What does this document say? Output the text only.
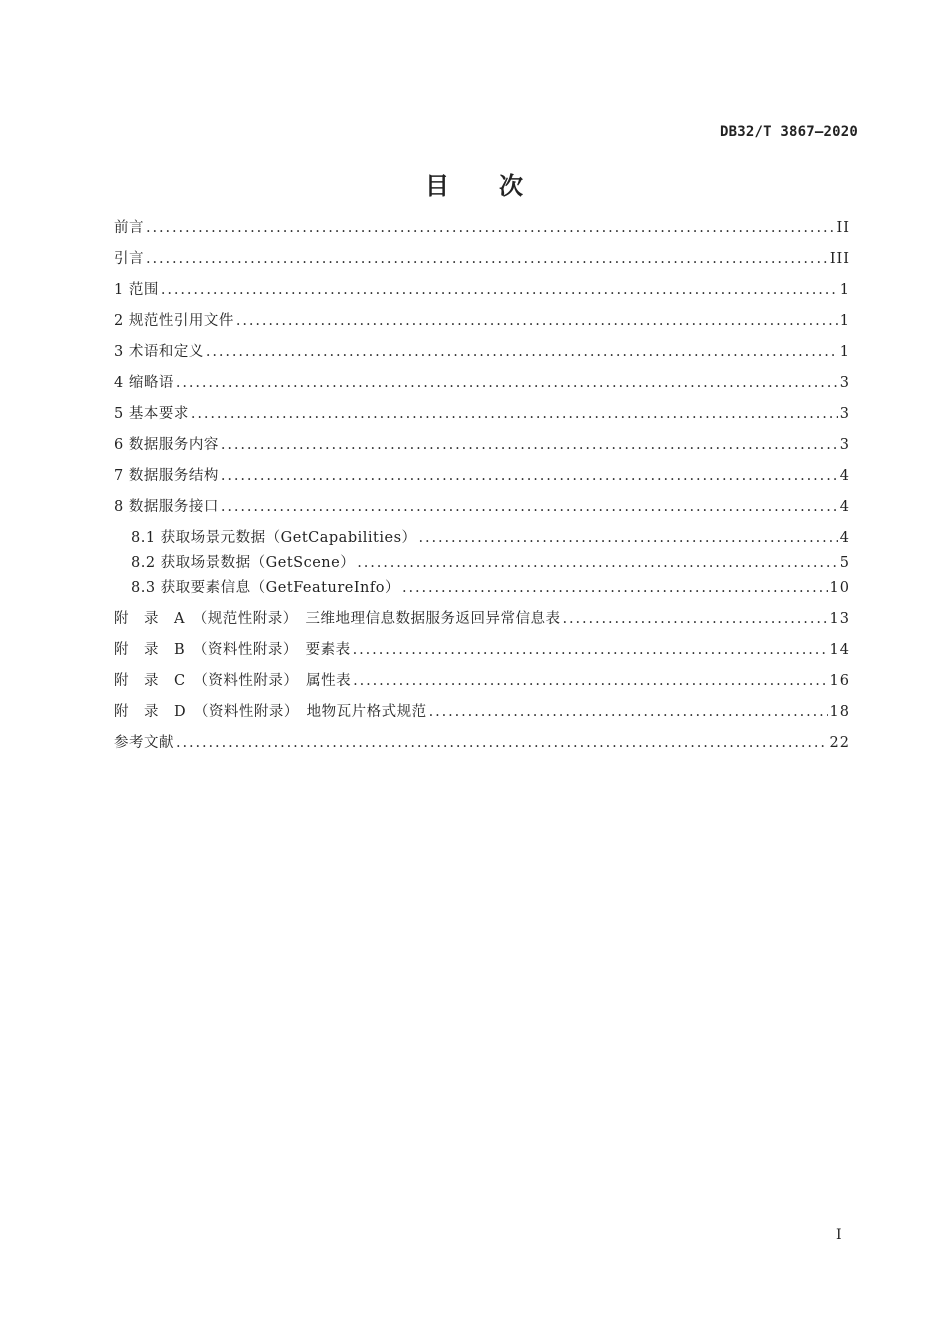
DB32/T 3867—2020
目 次
前言 .....	II
引言 .....	III
1 范围 .....	1
2 规范性引用文件 .....	1
3 术语和定义 .....	1
4 缩略语 .....	3
5 基本要求 .....	3
6 数据服务内容 .....	3
7 数据服务结构 .....	4
8 数据服务接口 .....	4
8.1 获取场景元数据（GetCapabilities） .....	4
8.2 获取场景数据（GetScene） .....	5
8.3 获取要素信息（GetFeatureInfo） .....	10
附　录　A　（规范性附录）　三维地理信息数据服务返回异常信息表 .....	13
附　录　B　（资料性附录）　要素表 .....	14
附　录　C　（资料性附录）　属性表 .....	16
附　录　D　（资料性附录）　地物瓦片格式规范 .....	18
参考文献 .....	22
I
